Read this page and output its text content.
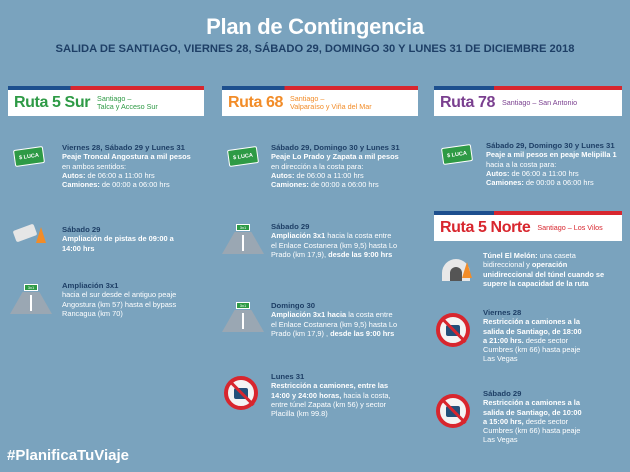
Plan de Contingencia
SALIDA DE SANTIAGO, VIERNES 28, SÁBADO 29, DOMINGO 30 Y LUNES 31 DE DICIEMBRE 2018
Ruta 5 Sur Santiago –
Talca y Acceso Sur	Ruta 68 Santiago –
Valparaíso y Viña del Mar	Ruta 78 Santiago – San Antonio
Ruta 5 Norte Santiago – Los Vilos
$ LUCA
Viernes 28, Sábado 29 y Lunes 31
Peaje Troncal Angostura a mil pesos
en ambos sentidos:
Autos: de 06:00 a 11:00 hrs
Camiones: de 00:00 a 06:00 hrs
Sábado 29
Ampliación de pistas de 09:00 a
14:00 hrs
3x1	Ampliación 3x1
hacia el sur desde el antiguo peaje
Angostura (km 57) hasta el bypass
Rancagua (km 70)
$ LUCA
Sábado 29, Domingo 30 y Lunes 31
Peaje Lo Prado y Zapata a mil pesos
en dirección a la costa para:
Autos: de 06:00 a 11:00 hrs
Camiones: de 00:00 a 06:00 hrs
3x1	Sábado 29
Ampliación 3x1 hacia la costa entre
el Enlace Costanera (km 9,5) hasta Lo
Prado (km 17,9), desde las 9:00 hrs
3x1	Domingo 30
Ampliación 3x1 hacia la costa entre
el Enlace Costanera (km 9,5) hasta Lo
Prado (km 17,9) , desde las 9:00 hrs
Lunes 31
Restricción a camiones, entre las
14:00 y 24:00 horas, hacia la costa,
entre túnel Zapata (km 56) y sector
Placilla (km 99.8)
$ LUCA
Sábado 29, Domingo 30 y Lunes 31
Peaje a mil pesos en peaje Melipilla 1
hacia a la costa para:
Autos: de 06:00 a 11:00 hrs
Camiones: de 00:00 a 06:00 hrs
Túnel El Melón: una caseta
bidireccional y operación
unidireccional del túnel cuando se
supere la capacidad de la ruta
Viernes 28
Restricción a camiones a la
salida de Santiago, de 18:00
a 21:00 hrs. desde sector
Cumbres (km 66) hasta peaje
Las Vegas
Sábado 29
Restricción a camiones a la
salida de Santiago, de 10:00
a 15:00 hrs, desde sector
Cumbres (km 66) hasta peaje
Las Vegas
#PlanificaTuViaje
